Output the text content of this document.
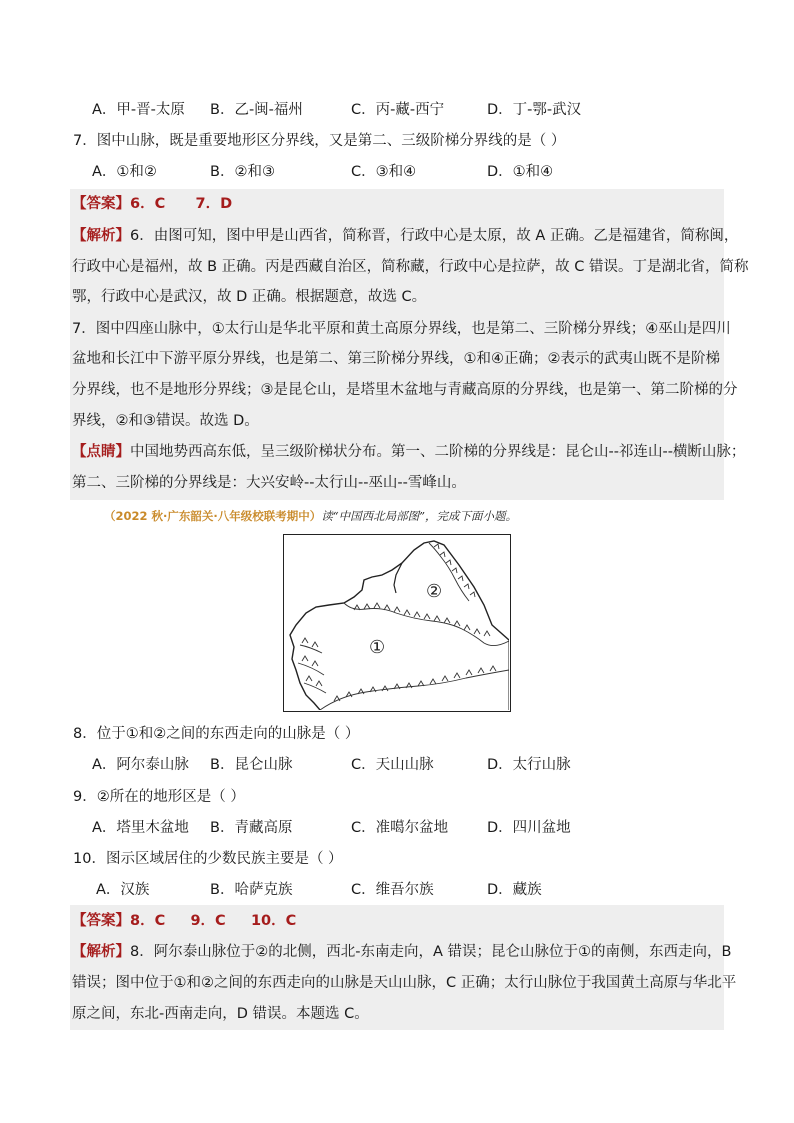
A．甲-晋-太原 B．乙-闽-福州	C．丙-藏-西宁	D．丁-鄂-武汉
7．图中山脉，既是重要地形区分界线，又是第二、三级阶梯分界线的是（ ）
A．①和②	B．②和③	C．③和④	D．①和④
【答案】6．C      7．D
【解析】6．由图可知，图中甲是山西省，简称晋，行政中心是太原，故 A 正确。乙是福建省，简称闽，
行政中心是福州，故 B 正确。丙是西藏自治区，简称藏，行政中心是拉萨，故 C 错误。丁是湖北省，简称
鄂，行政中心是武汉，故 D 正确。根据题意，故选 C。
7．图中四座山脉中，①太行山是华北平原和黄土高原分界线，也是第二、三阶梯分界线；④巫山是四川
盆地和长江中下游平原分界线，也是第二、第三阶梯分界线，①和④正确；②表示的武夷山既不是阶梯
分界线，也不是地形分界线；③是昆仑山，是塔里木盆地与青藏高原的分界线，也是第一、第二阶梯的分
界线，②和③错误。故选 D。
【点睛】中国地势西高东低，呈三级阶梯状分布。第一、二阶梯的分界线是：昆仑山--祁连山--横断山脉；
第二、三阶梯的分界线是：大兴安岭--太行山--巫山--雪峰山。
（2022 秋·广东韶关·八年级校联考期中）读“中国西北局部图”，完成下面小题。
②
①
8．位于①和②之间的东西走向的山脉是（ ）
A．阿尔泰山脉 B．昆仑山脉	C．天山山脉	D．太行山脉
9．②所在的地形区是（ ）
A．塔里木盆地 B．青藏高原	C．准噶尔盆地	D．四川盆地
10．图示区域居住的少数民族主要是（ ）
A．汉族	B．哈萨克族	C．维吾尔族	D．藏族
【答案】8．C     9．C     10．C
【解析】8．阿尔泰山脉位于②的北侧，西北-东南走向，A 错误；昆仑山脉位于①的南侧，东西走向，B
错误；图中位于①和②之间的东西走向的山脉是天山山脉，C 正确；太行山脉位于我国黄土高原与华北平
原之间，东北-西南走向，D 错误。本题选 C。
